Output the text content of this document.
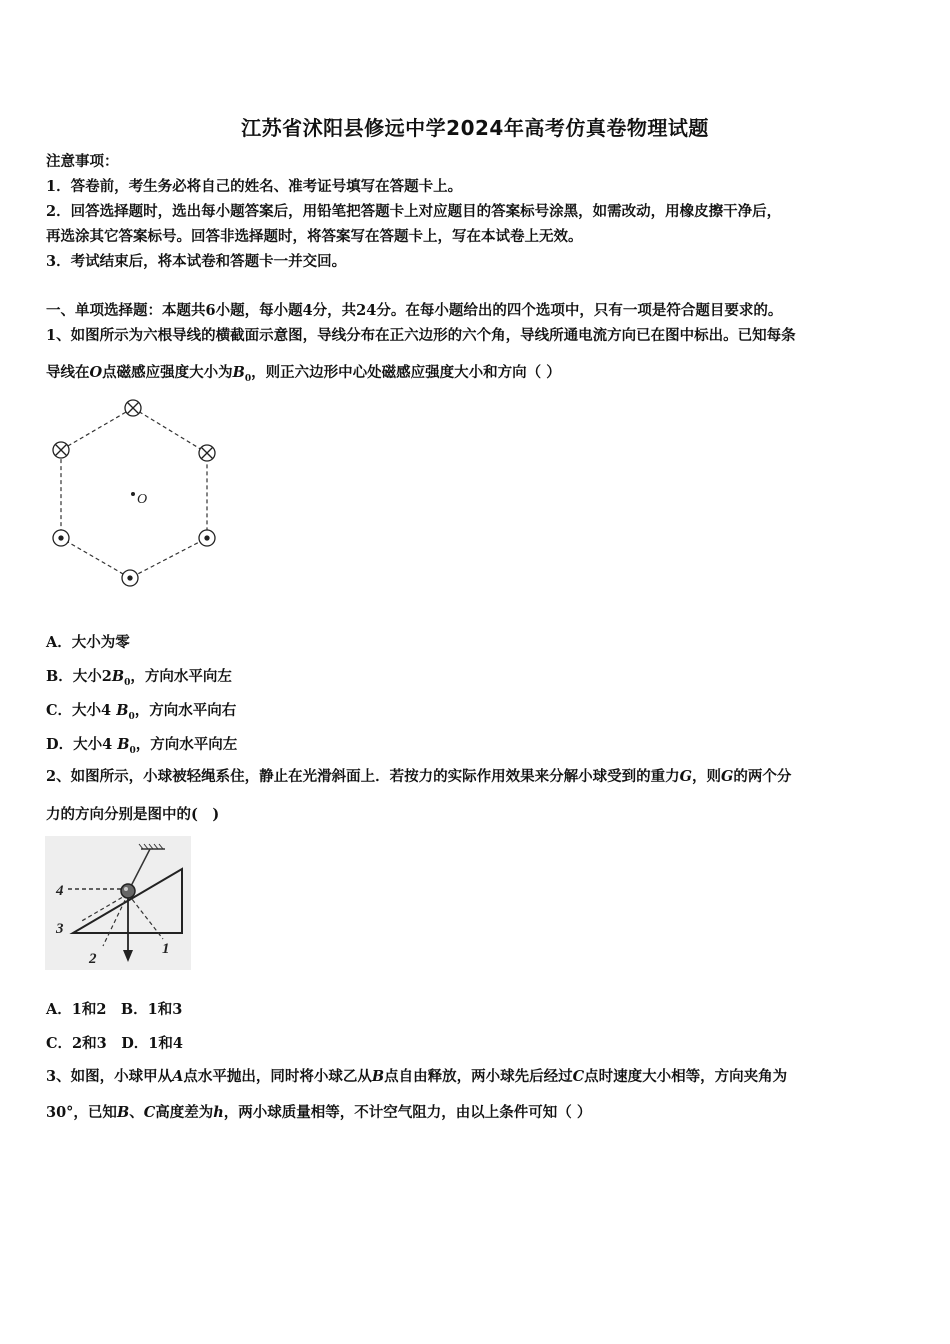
江苏省沭阳县修远中学2024年高考仿真卷物理试题
注意事项：
1．答卷前，考生务必将自己的姓名、准考证号填写在答题卡上。
2．回答选择题时，选出每小题答案后，用铅笔把答题卡上对应题目的答案标号涂黑，如需改动，用橡皮擦干净后，
再选涂其它答案标号。回答非选择题时，将答案写在答题卡上，写在本试卷上无效。
3．考试结束后，将本试卷和答题卡一并交回。
一、单项选择题：本题共6小题，每小题4分，共24分。在每小题给出的四个选项中，只有一项是符合题目要求的。
1、如图所示为六根导线的横截面示意图，导线分布在正六边形的六个角，导线所通电流方向已在图中标出。已知每条
导线在O点磁感应强度大小为$B_0$，则正六边形中心处磁感应强度大小和方向（ ）
O
A．大小为零
B．大小$2B_0$，方向水平向左
C．大小4 $B_0$，方向水平向右
D．大小4 $B_0$，方向水平向左
2、如图所示，小球被轻绳系住，静止在光滑斜面上．若按力的实际作用效果来分解小球受到的重力G，则G的两个分
力的方向分别是图中的(　)
4
3
2
1
A．1和2　B．1和3
C．2和3　D．1和4
3、如图，小球甲从A点水平抛出，同时将小球乙从B点自由释放，两小球先后经过C点时速度大小相等，方向夹角为
30°，已知B、C高度差为h，两小球质量相等，不计空气阻力，由以上条件可知（ ）
